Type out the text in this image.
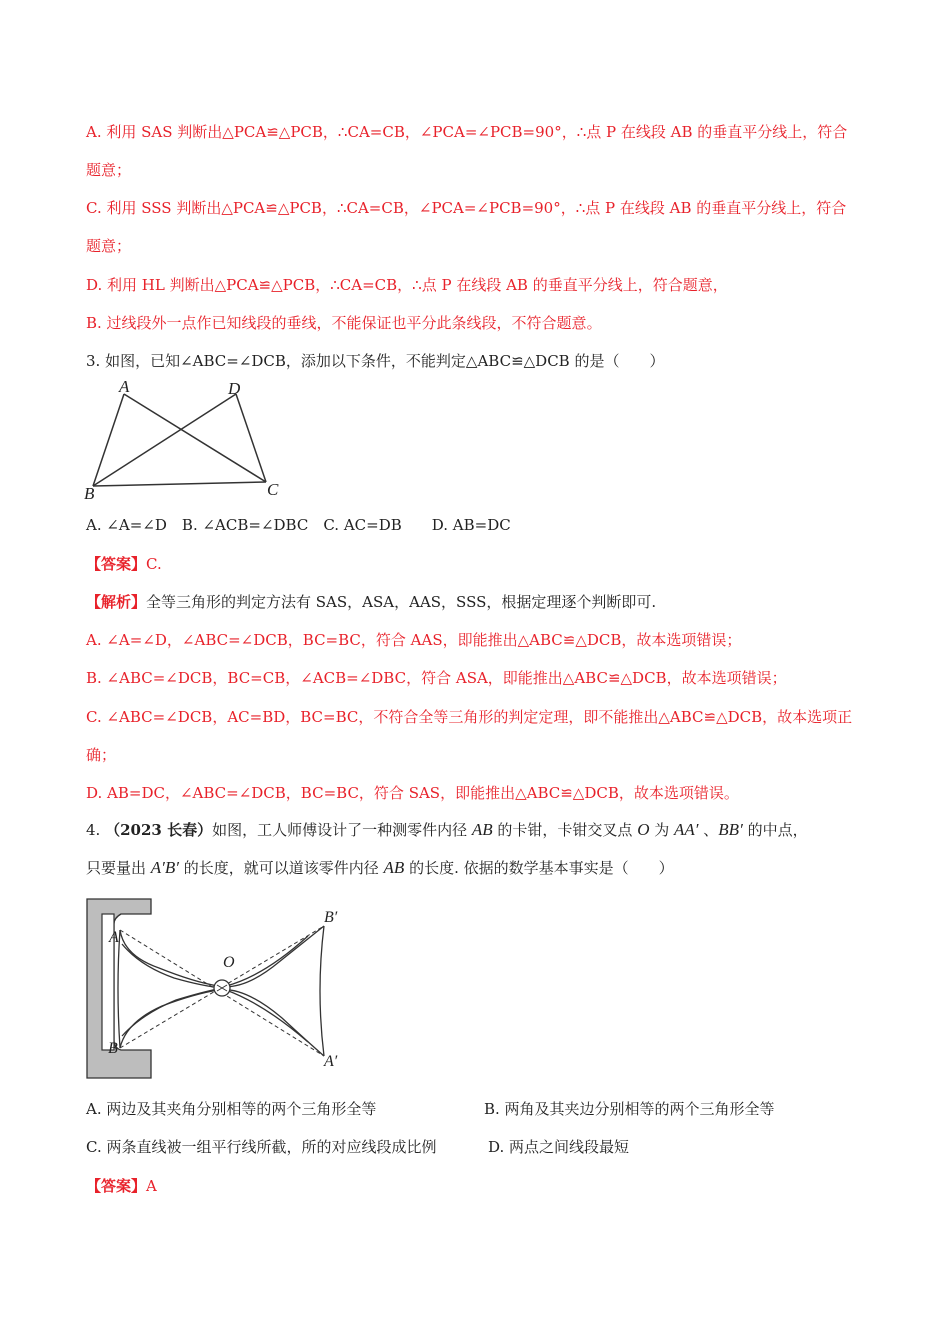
A. 利用 SAS 判断出△PCA≌△PCB，∴CA=CB，∠PCA=∠PCB=90°，∴点 P 在线段 AB 的垂直平分线上，符合
题意；
C. 利用 SSS 判断出△PCA≌△PCB，∴CA=CB，∠PCA=∠PCB=90°，∴点 P 在线段 AB 的垂直平分线上，符合
题意；
D. 利用 HL 判断出△PCA≌△PCB，∴CA=CB，∴点 P 在线段 AB 的垂直平分线上，符合题意，
B. 过线段外一点作已知线段的垂线，不能保证也平分此条线段，不符合题意。
3. 如图，已知∠ABC=∠DCB，添加以下条件，不能判定△ABC≌△DCB 的是（　　）
A	D
B	C
A. ∠A=∠D　B. ∠ACB=∠DBC　C. AC=DB　　D. AB=DC
【答案】C.
【解析】全等三角形的判定方法有 SAS，ASA，AAS，SSS，根据定理逐个判断即可.
A. ∠A=∠D，∠ABC=∠DCB，BC=BC，符合 AAS，即能推出△ABC≌△DCB，故本选项错误；
B. ∠ABC=∠DCB，BC=CB，∠ACB=∠DBC，符合 ASA，即能推出△ABC≌△DCB，故本选项错误；
C. ∠ABC=∠DCB，AC=BD，BC=BC，不符合全等三角形的判定定理，即不能推出△ABC≌△DCB，故本选项正
确；
D. AB=DC，∠ABC=∠DCB，BC=BC，符合 SAS，即能推出△ABC≌△DCB，故本选项错误。
4. （2023 长春）如图，工人师傅设计了一种测零件内径 AB 的卡钳，卡钳交叉点 O 为 AA′ 、BB′ 的中点，
只要量出 A′B′ 的长度，就可以道该零件内径 AB 的长度. 依据的数学基本事实是（　　）
A
B
O
B′
A′
A. 两边及其夹角分别相等的两个三角形全等	B. 两角及其夹边分别相等的两个三角形全等
C. 两条直线被一组平行线所截，所的对应线段成比例	D. 两点之间线段最短
【答案】A
